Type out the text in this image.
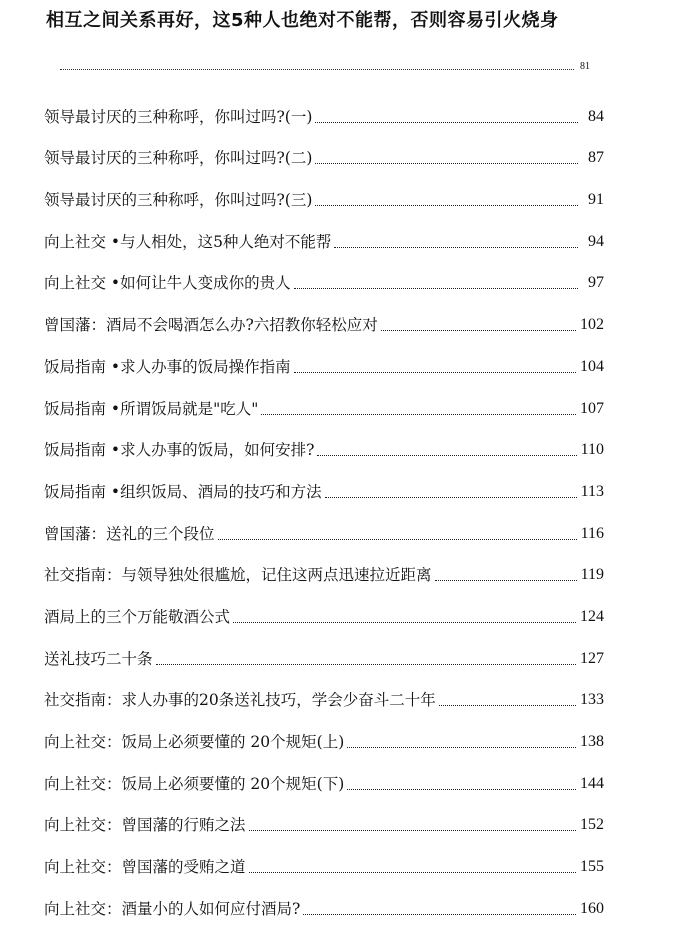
相互之间关系再好，这5种人也绝对不能帮，否则容易引火烧身
81
领导最讨厌的三种称呼，你叫过吗?(一)	84
领导最讨厌的三种称呼，你叫过吗?(二)	87
领导最讨厌的三种称呼，你叫过吗?(三)	91
向上社交 •与人相处，这5种人绝对不能帮	94
向上社交 •如何让牛人变成你的贵人	97
曾国藩：酒局不会喝酒怎么办?六招教你轻松应对	102
饭局指南 •求人办事的饭局操作指南	104
饭局指南 •所谓饭局就是"吃人"	107
饭局指南 •求人办事的饭局，如何安排?	110
饭局指南 •组织饭局、酒局的技巧和方法	113
曾国藩：送礼的三个段位	116
社交指南：与领导独处很尴尬，记住这两点迅速拉近距离	119
酒局上的三个万能敬酒公式	124
送礼技巧二十条	127
社交指南：求人办事的20条送礼技巧，学会少奋斗二十年	133
向上社交：饭局上必须要懂的 20个规矩(上)	138
向上社交：饭局上必须要懂的 20个规矩(下)	144
向上社交：曾国藩的行贿之法	152
向上社交：曾国藩的受贿之道	155
向上社交：酒量小的人如何应付酒局?	160
